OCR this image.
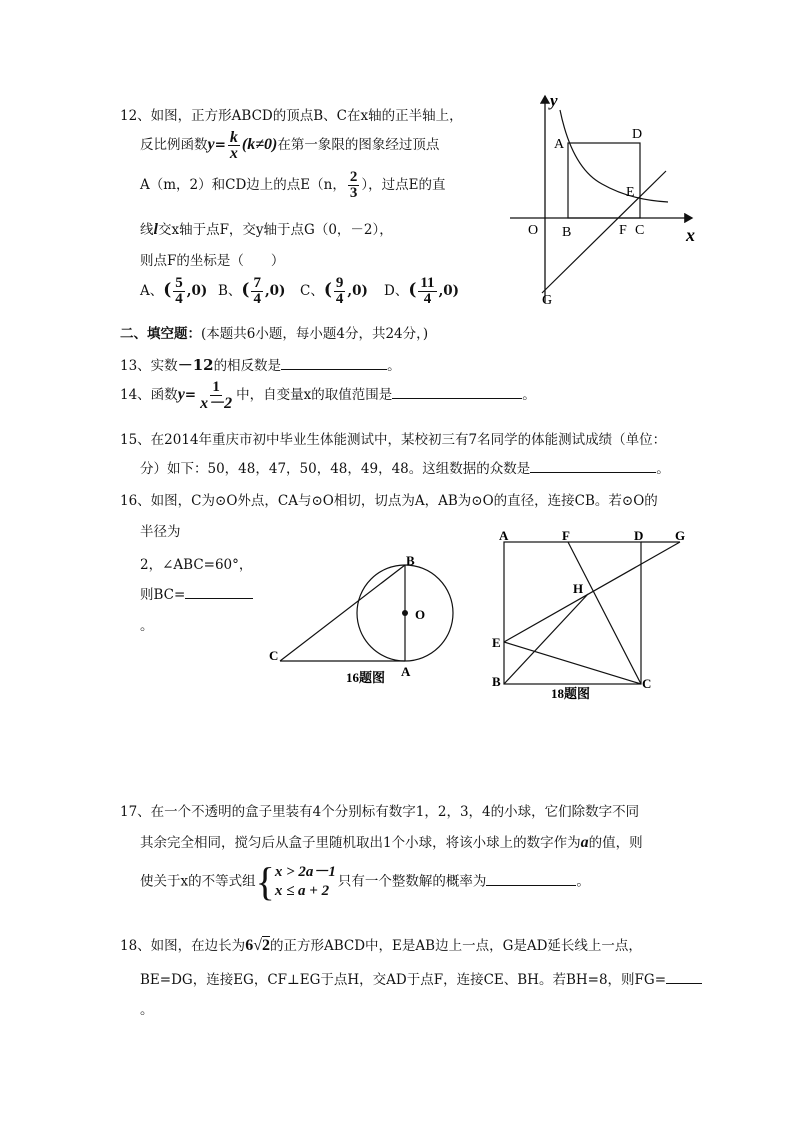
12、如图，正方形ABCD的顶点B、C在x轴的正半轴上，
反比例函数$y= \frac{k}{x} (k\ne 0)$在第一象限的图象经过顶点
A（m，2）和CD边上的点E（n， $\frac{2}{3}$ ），过点E的直
线l交x轴于点F，交y轴于点G（0，－2），
则点F的坐标是（　　）
A、( $\frac{5}{4} ,0$) B、( $\frac{7}{4} ,0$) C、( $\frac{9}{4} ,0$) D、( $\frac{11}{4} ,0$)
y
x
O
A
D
E
B	F C
G
二、填空题：(本题共6小题，每小题4分，共24分，)
13、实数－12的相反数是	。
14、函数$y= \frac{1}{x-2}$ 中，自变量x的取值范围是	。
15、在2014年重庆市初中毕业生体能测试中，某校初三有7名同学的体能测试成绩（单位：
分）如下：50，48，47，50，48，49，48。这组数据的众数是	。
16、如图，C为⊙O外点，CA与⊙O相切，切点为A，AB为⊙O的直径，连接CB。若⊙O的
半径为
2，∠ABC=60°，
则BC=
。
B
O
C
A
16题图
A	F	D G
H
E
B	C
18题图
17、在一个不透明的盒子里装有4个分别标有数字1，2，3，4的小球，它们除数字不同
其余完全相同，搅匀后从盒子里随机取出1个小球，将该小球上的数字作为a的值，则
使关于x的不等式组{ x > 2a－1
x ≤ a + 2
只有一个整数解的概率为	。
18、如图，在边长为6√2的正方形ABCD中，E是AB边上一点，G是AD延长线上一点，
BE=DG，连接EG，CF⊥EG于点H，交AD于点F，连接CE、BH。若BH=8，则FG=
。
